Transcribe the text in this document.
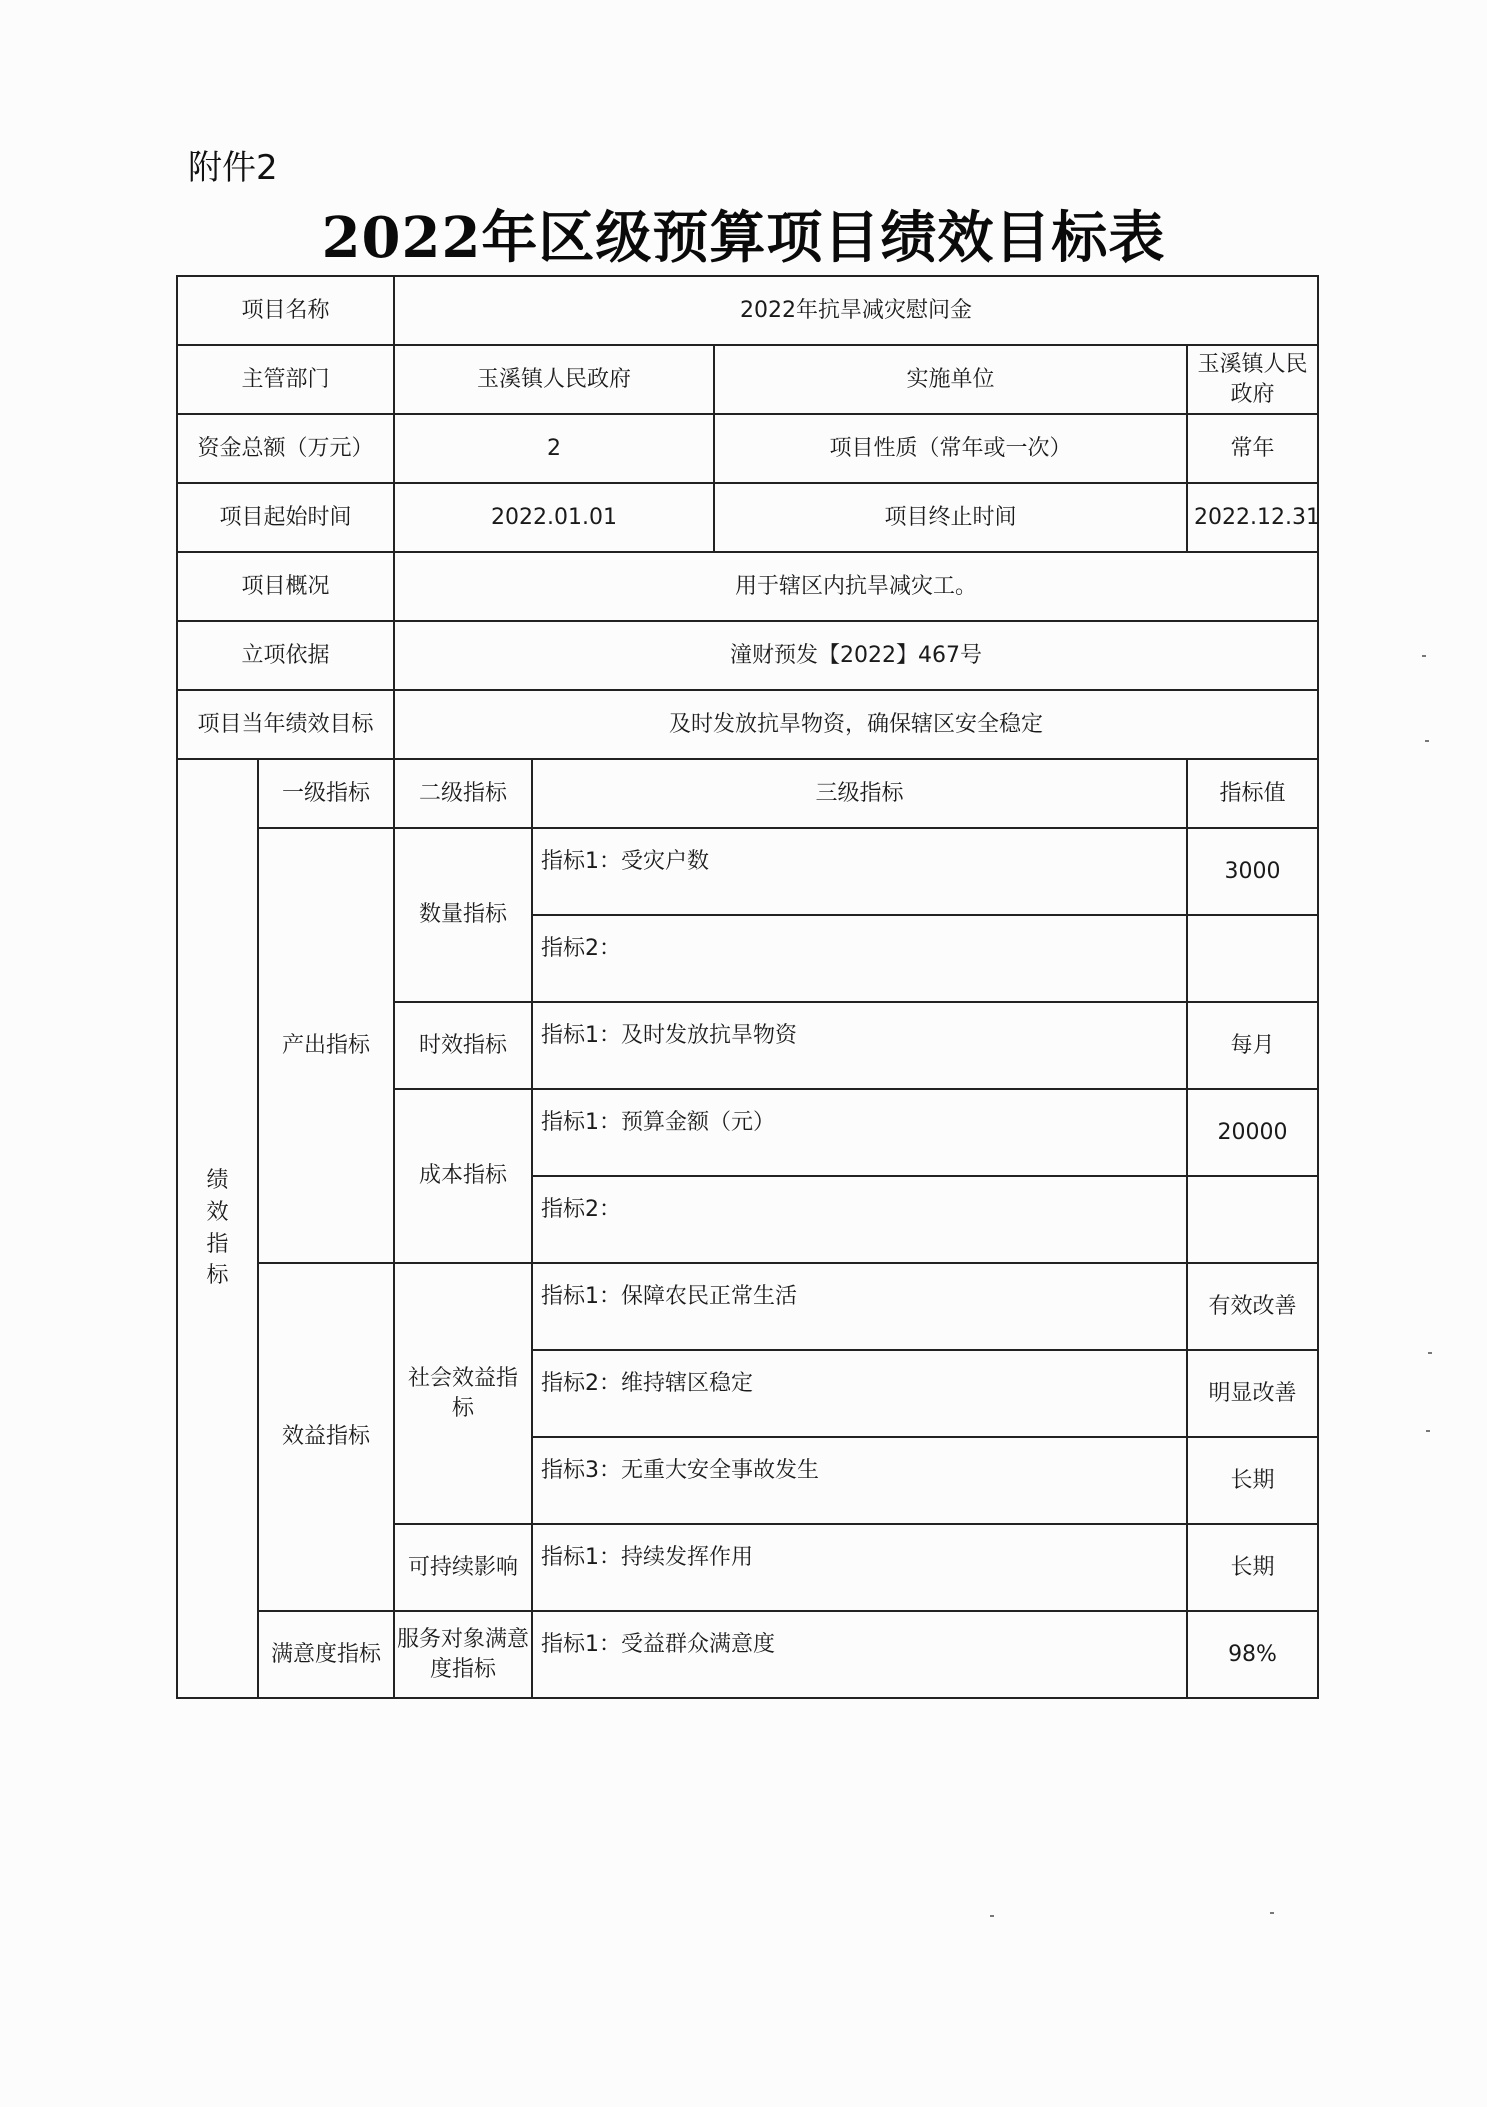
附件2
2022年区级预算项目绩效目标表
项目名称		2022年抗旱减灾慰问金			
主管部门		玉溪镇人民政府		实施单位	玉溪镇人民政府
资金总额（万元）		2		项目性质（常年或一次）	常年
项目起始时间		2022.01.01		项目终止时间	2022.12.31
项目概况		用于辖区内抗旱减灾工。			
立项依据		潼财预发【2022】467号			
项目当年绩效目标		及时发放抗旱物资，确保辖区安全稳定			
绩效指标	一级指标	二级指标	三级指标		指标值
	产出指标	数量指标	指标1：受灾户数		3000
			指标2：		
		时效指标	指标1：及时发放抗旱物资		每月
		成本指标	指标1：预算金额（元）		20000
			指标2：		
	效益指标	社会效益指标	指标1：保障农民正常生活		有效改善
			指标2：维持辖区稳定		明显改善
			指标3：无重大安全事故发生		长期
		可持续影响	指标1：持续发挥作用		长期
	满意度指标	服务对象满意度指标	指标1：受益群众满意度		98%
